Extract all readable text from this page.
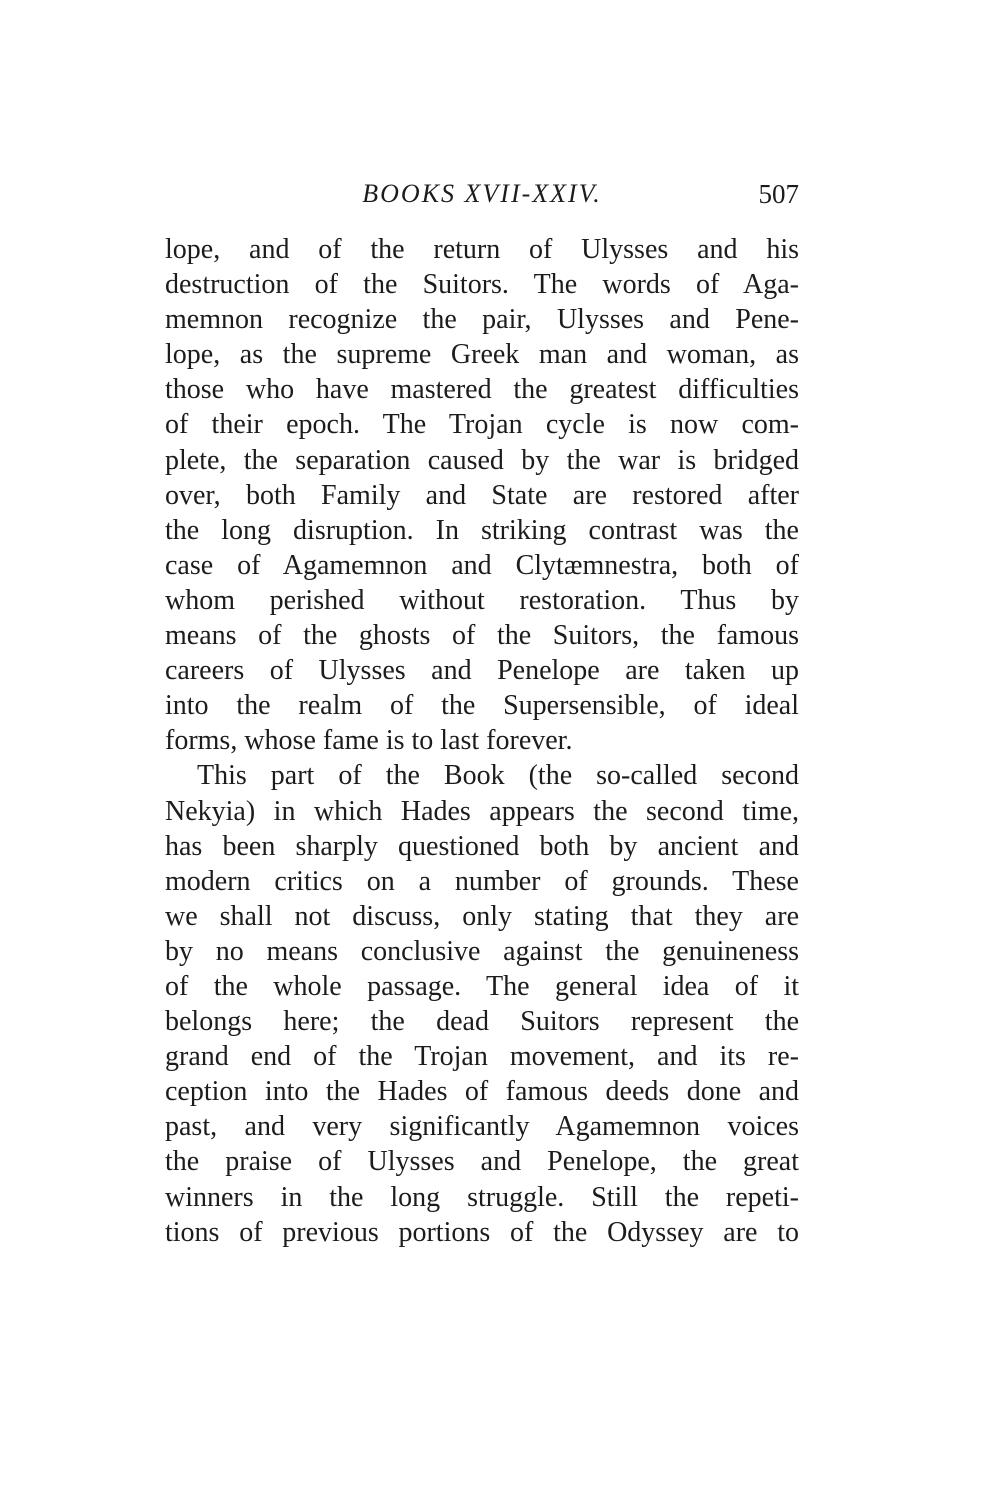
BOOKS XVII-XXIV.	507
lope, and of the return of Ulysses and his
destruction of the Suitors. The words of Aga-
memnon recognize the pair, Ulysses and Pene-
lope, as the supreme Greek man and woman, as
those who have mastered the greatest difficulties
of their epoch. The Trojan cycle is now com-
plete, the separation caused by the war is bridged
over, both Family and State are restored after
the long disruption. In striking contrast was the
case of Agamemnon and Clytæmnestra, both of
whom perished without restoration. Thus by
means of the ghosts of the Suitors, the famous
careers of Ulysses and Penelope are taken up
into the realm of the Supersensible, of ideal
forms, whose fame is to last forever.
This part of the Book (the so-called second
Nekyia) in which Hades appears the second time,
has been sharply questioned both by ancient and
modern critics on a number of grounds. These
we shall not discuss, only stating that they are
by no means conclusive against the genuineness
of the whole passage. The general idea of it
belongs here; the dead Suitors represent the
grand end of the Trojan movement, and its re-
ception into the Hades of famous deeds done and
past, and very significantly Agamemnon voices
the praise of Ulysses and Penelope, the great
winners in the long struggle. Still the repeti-
tions of previous portions of the Odyssey are to
